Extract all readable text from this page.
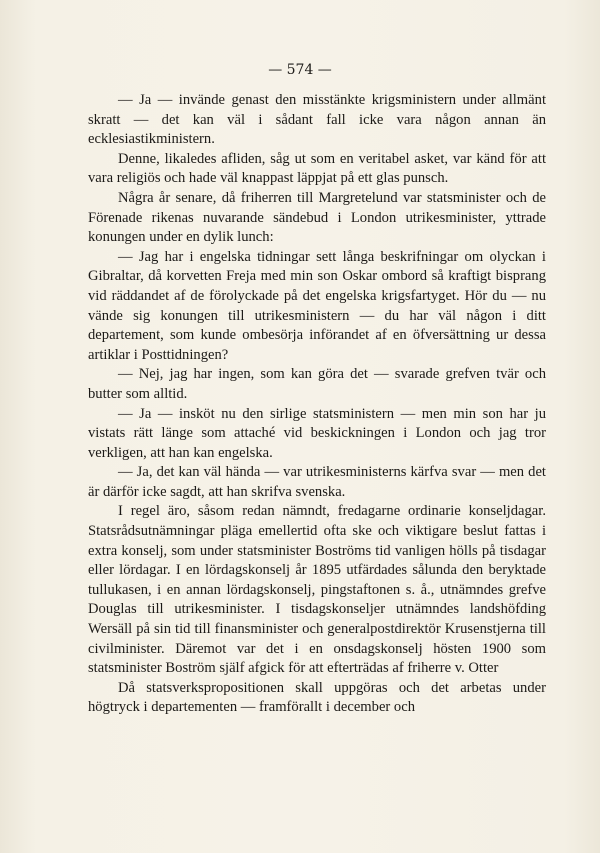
— 574 —

— Ja — invände genast den misstänkte krigsministern under allmänt skratt — det kan väl i sådant fall icke vara någon annan än ecklesiastikministern.

Denne, likaledes afliden, såg ut som en veritabel asket, var känd för att vara religiös och hade väl knappast läppjat på ett glas punsch.

Några år senare, då friherren till Margretelund var statsminister och de Förenade rikenas nuvarande sändebud i London utrikesminister, yttrade konungen under en dylik lunch:

— Jag har i engelska tidningar sett långa beskrifningar om olyckan i Gibraltar, då korvetten Freja med min son Oskar ombord så kraftigt bisprang vid räddandet af de förolyckade på det engelska krigsfartyget. Hör du — nu vände sig konungen till utrikesministern — du har väl någon i ditt departement, som kunde ombesörja införandet af en öfversättning ur dessa artiklar i Posttidningen?

— Nej, jag har ingen, som kan göra det — svarade grefven tvär och butter som alltid.

— Ja — insköt nu den sirlige statsministern — men min son har ju vistats rätt länge som attaché vid beskickningen i London och jag tror verkligen, att han kan engelska.

— Ja, det kan väl hända — var utrikesministerns kärfva svar — men det är därför icke sagdt, att han skrifva svenska.

I regel äro, såsom redan nämndt, fredagarne ordinarie konseljdagar. Statsrådsutnämningar pläga emellertid ofta ske och viktigare beslut fattas i extra konselj, som under statsminister Boströms tid vanligen hölls på tisdagar eller lördagar. I en lördagskonselj år 1895 utfärdades sålunda den beryktade tullukasen, i en annan lördagskonselj, pingstaftonen s. å., utnämndes grefve Douglas till utrikesminister. I tisdagskonseljer utnämndes landshöfding Wersäll på sin tid till finansminister och generalpostdirektör Krusenstjerna till civilminister. Däremot var det i en onsdagskonselj hösten 1900 som statsminister Boström själf afgick för att efterträdas af friherre v. Otter

Då statsverkspropositionen skall uppgöras och det arbetas under högtryck i departementen — framförallt i december och
